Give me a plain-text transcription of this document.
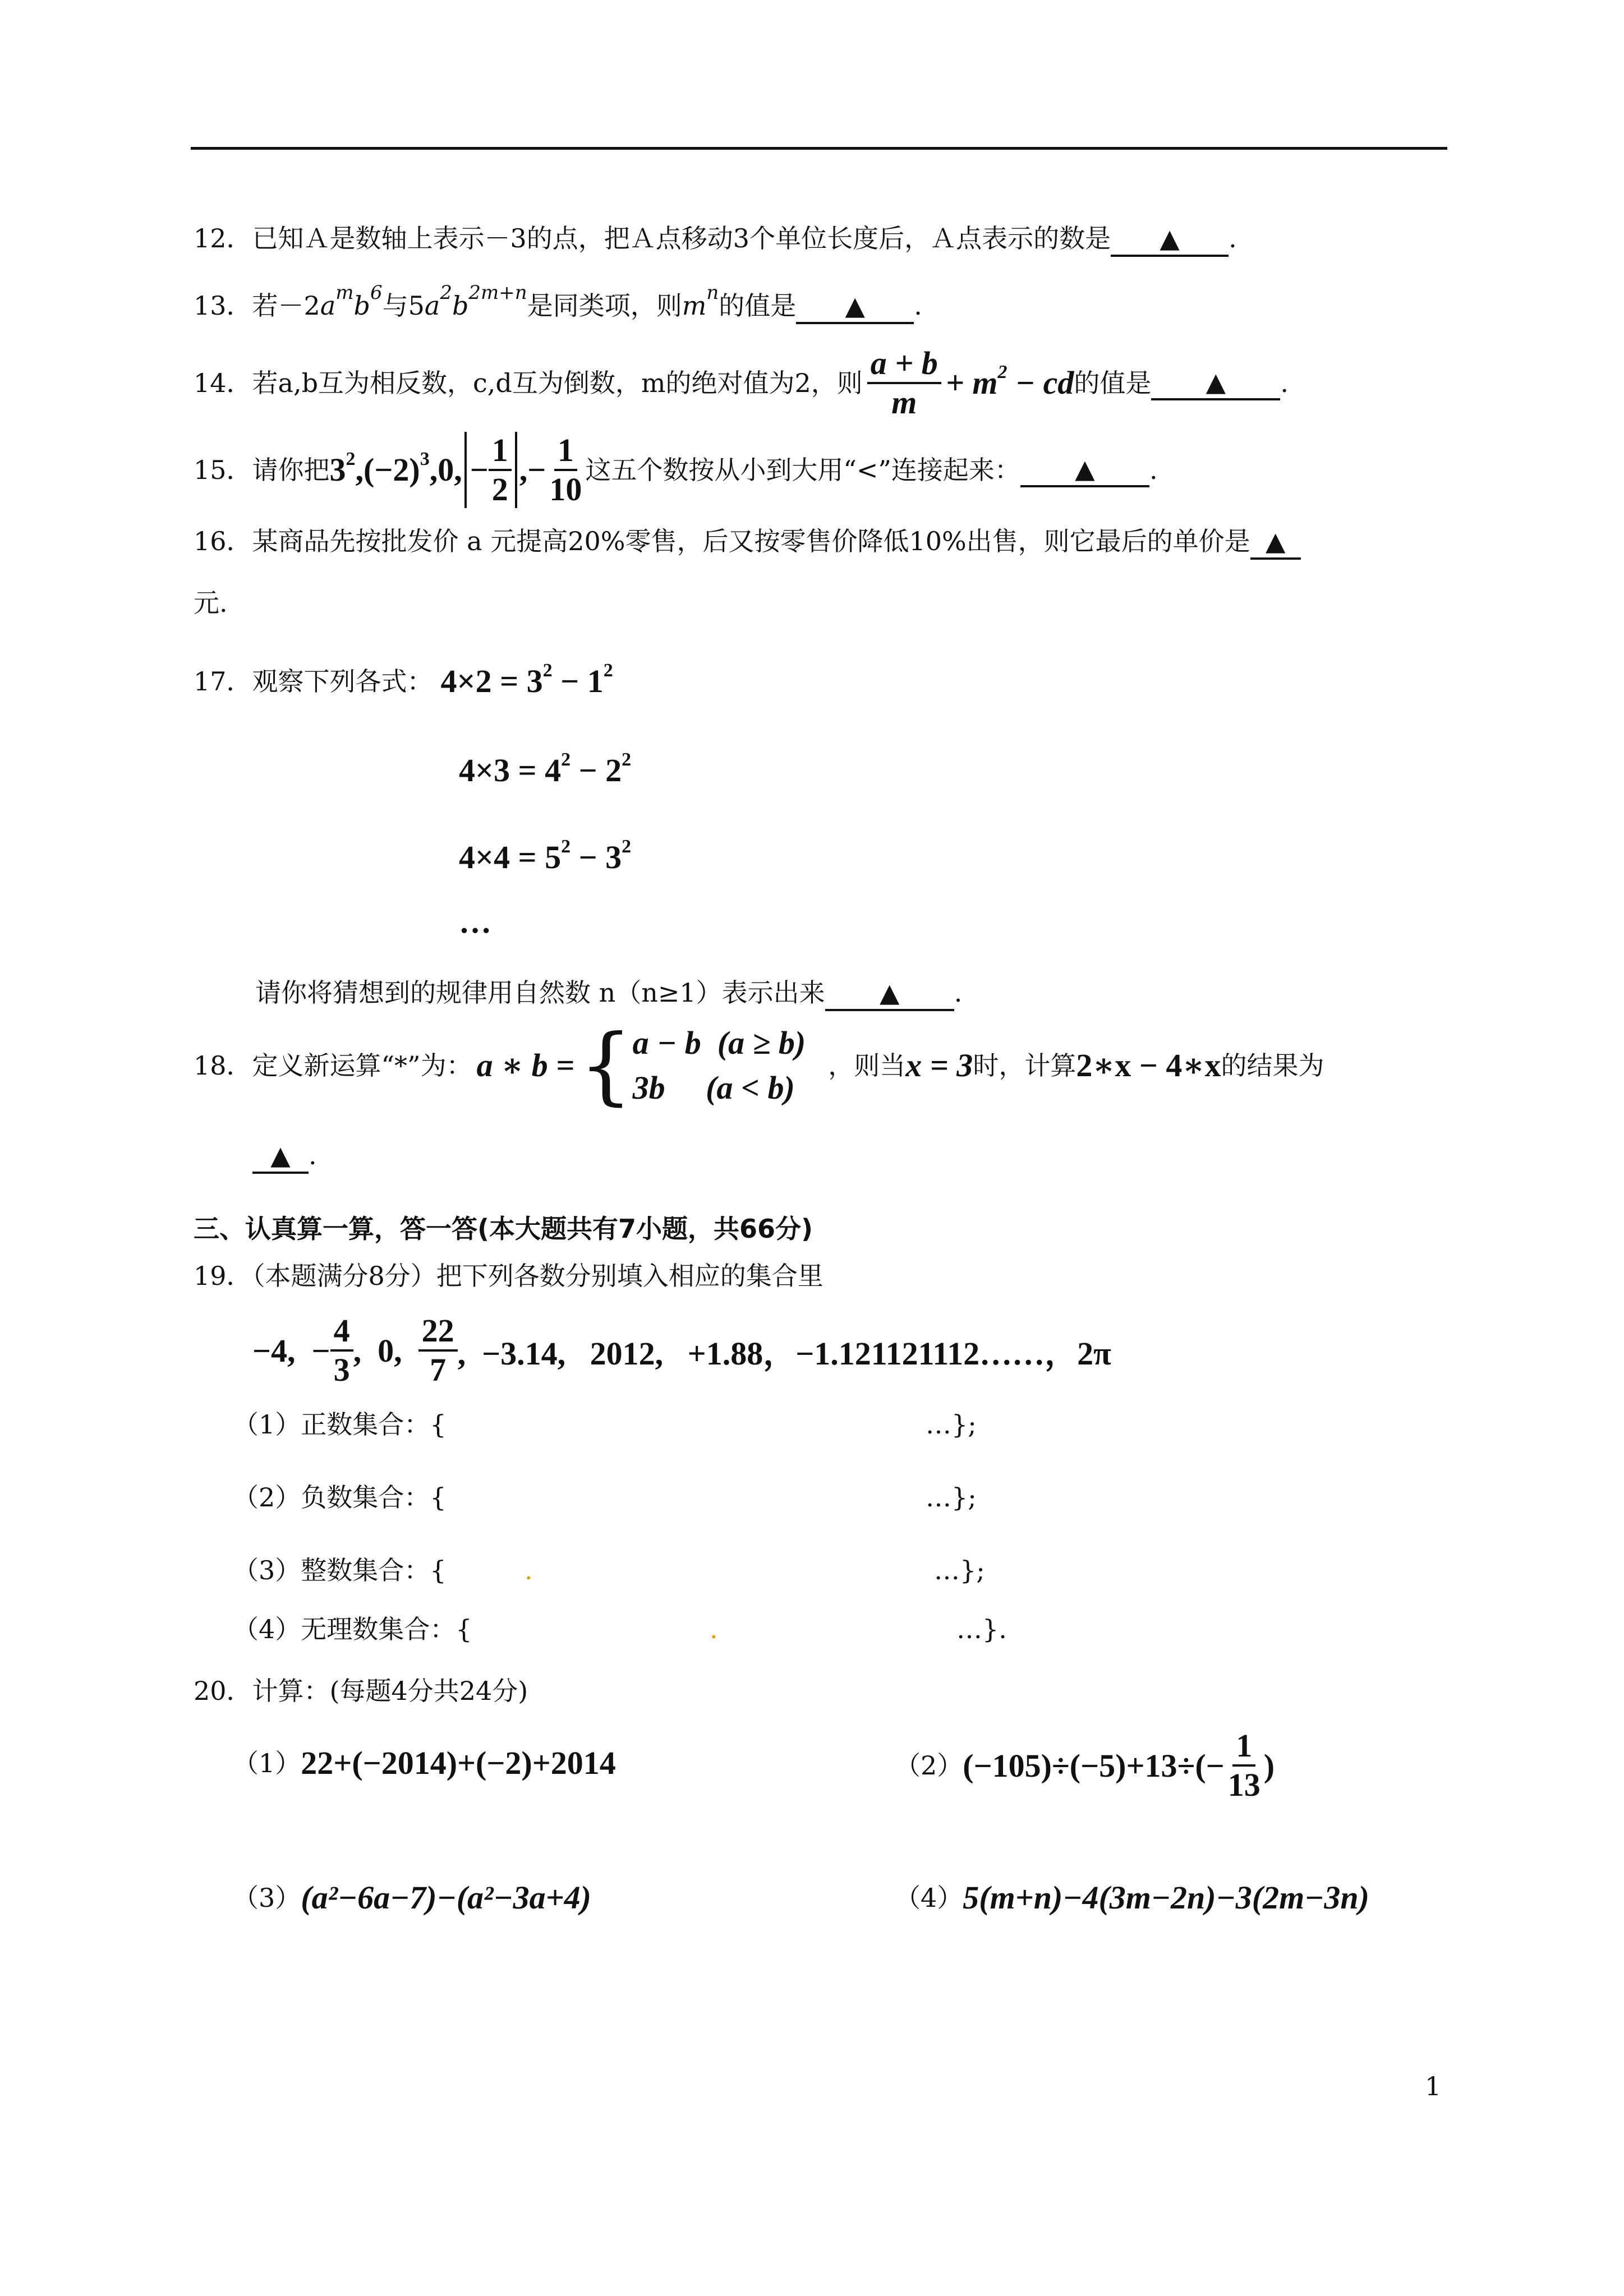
12．已知Ａ是数轴上表示－3的点，把Ａ点移动3个单位长度后，Ａ点表示的数是 ▲ .
13．若$-2a^mb^6$与$5a^2b^{2m+n}$是同类项，则$m^n$的值是 ▲ .
14．若a,b互为相反数，c,d互为倒数，m的绝对值为2，则 $\frac{a + b}{m} + m^2$ − cd 的值是	▲	.
15．请你把 $3^2,(-2)^3,0$, − $\frac{1}{2}$ ,− $\frac{1}{10}$ 这五个数按从小到大用“<”连接起来：	▲	.
16．某商品先按批发价 a 元提高20%零售，后又按零售价降低10%出售，则它最后的单价是 ▲
元.
17．观察下列各式： $4\times 2 = 3^2 - 1^2$
$4\times 3 = 4^2 - 2^2$
$4\times 4 = 5^2 - 3^2$
…
请你将猜想到的规律用自然数 n（n≥1）表示出来 ▲ .
18．定义新运算“*”为： a ∗ b = { a − b  (a ≥ b)
3b     (a < b)
，则当 x = 3 时，计算 2∗x − 4∗x 的结果为
▲ .
三、认真算一算，答一答(本大题共有7小题，共66分)
19．（本题满分8分）把下列各数分别填入相应的集合里
−4,  − $\frac{4}{3}$ ,  0, $\frac{22}{7}$ ,  −3.14,   2012,   +1.88， −1.121121112……，2π
（1）正数集合：{	…};
（2）负数集合：{	…};
（3）整数集合：{	.	…};
（4）无理数集合：{	.	…}.
20．计算：(每题4分共24分)
（1） 22+(−2014)+(−2)+2014	（2） $(-105)\div(-5)+13\div(- \frac{1}{13}$ )
（3） (a²−6a−7)−(a²−3a+4)	（4） 5(m+n)−4(3m−2n)−3(2m−3n)
1
